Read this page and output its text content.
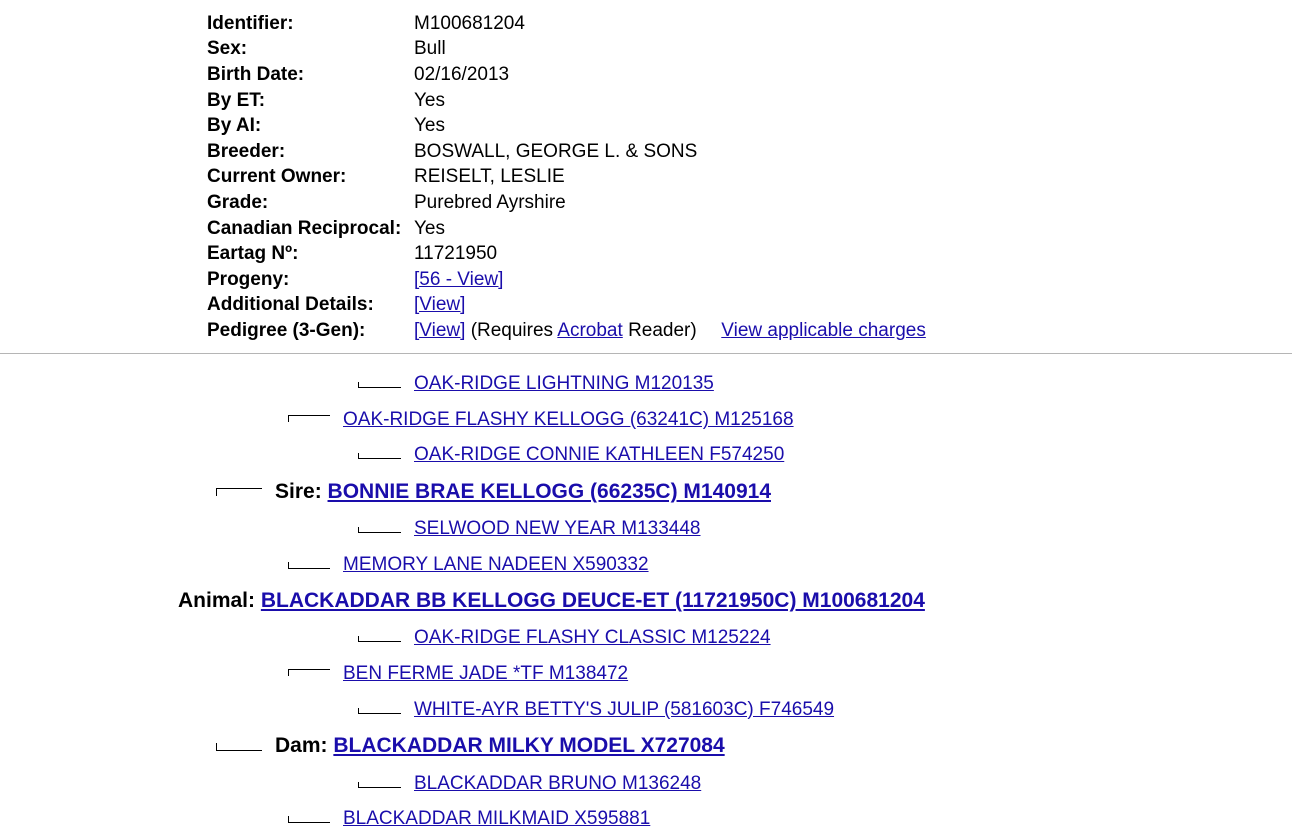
Identifier:	M100681204
Sex:	Bull
Birth Date:	02/16/2013
By ET:	Yes
By AI:	Yes
Breeder:	BOSWALL, GEORGE L. & SONS
Current Owner:	REISELT, LESLIE
Grade:	Purebred Ayrshire
Canadian Reciprocal:	Yes
Eartag Nº:	11721950
Progeny:	[56 - View]
Additional Details:	[View]
Pedigree (3-Gen):	[View] (Requires Acrobat Reader) View applicable charges
OAK-RIDGE LIGHTNING M120135
OAK-RIDGE FLASHY KELLOGG (63241C) M125168
OAK-RIDGE CONNIE KATHLEEN F574250
Sire: BONNIE BRAE KELLOGG (66235C) M140914
SELWOOD NEW YEAR M133448
MEMORY LANE NADEEN X590332
Animal: BLACKADDAR BB KELLOGG DEUCE-ET (11721950C) M100681204
OAK-RIDGE FLASHY CLASSIC M125224
BEN FERME JADE *TF M138472
WHITE-AYR BETTY'S JULIP (581603C) F746549
Dam: BLACKADDAR MILKY MODEL X727084
BLACKADDAR BRUNO M136248
BLACKADDAR MILKMAID X595881
